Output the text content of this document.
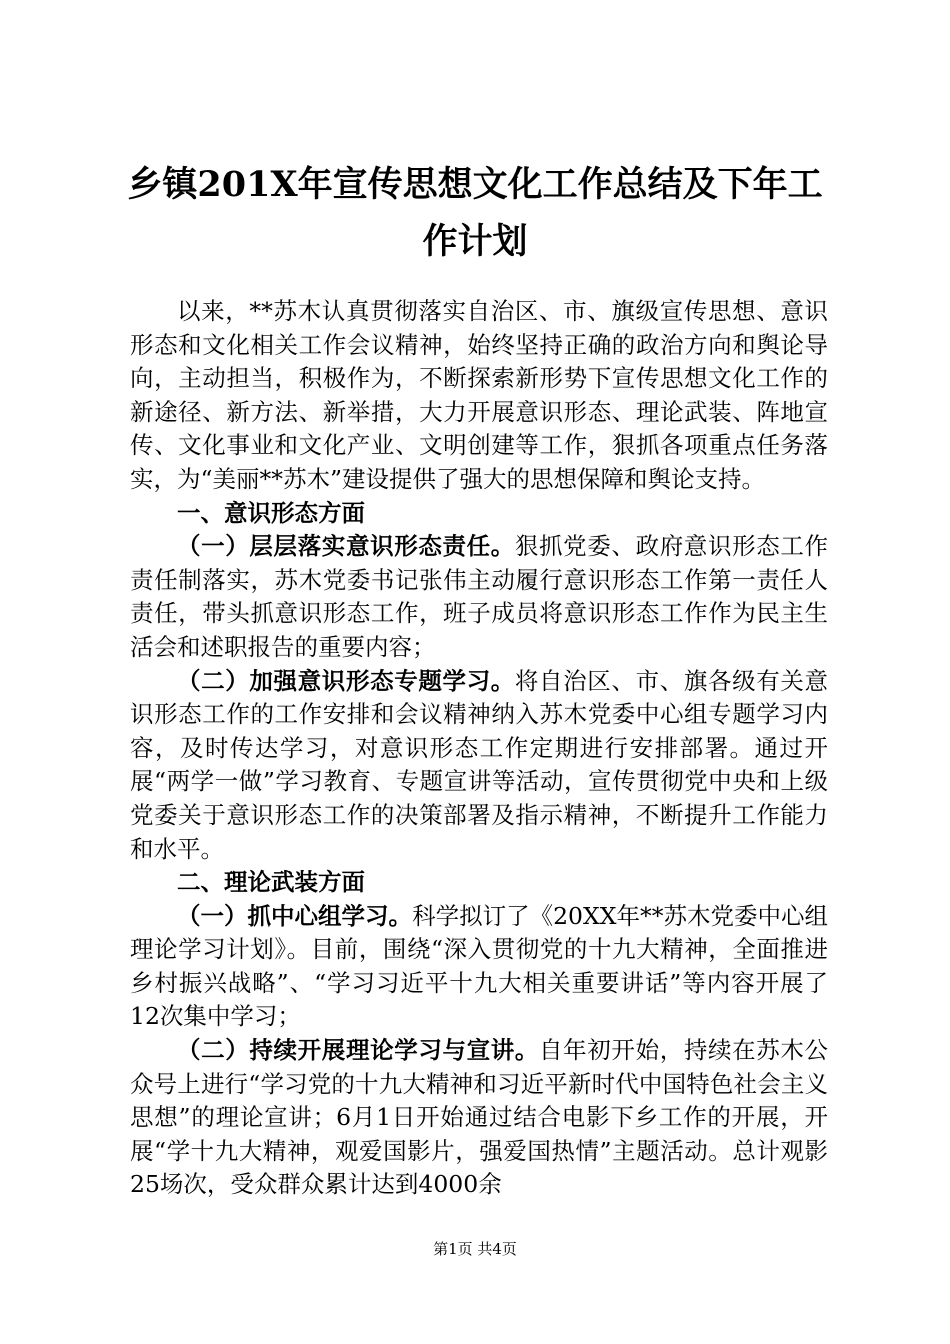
乡镇201X年宣传思想文化工作总结及下年工
作计划

以来，**苏木认真贯彻落实自治区、市、旗级宣传思想、意识形态和文化相关工作会议精神，始终坚持正确的政治方向和舆论导向，主动担当，积极作为，不断探索新形势下宣传思想文化工作的新途径、新方法、新举措，大力开展意识形态、理论武装、阵地宣传、文化事业和文化产业、文明创建等工作，狠抓各项重点任务落实，为“美丽**苏木”建设提供了强大的思想保障和舆论支持。

一、意识形态方面

（一）层层落实意识形态责任。狠抓党委、政府意识形态工作责任制落实，苏木党委书记张伟主动履行意识形态工作第一责任人责任，带头抓意识形态工作，班子成员将意识形态工作作为民主生活会和述职报告的重要内容；

（二）加强意识形态专题学习。将自治区、市、旗各级有关意识形态工作的工作安排和会议精神纳入苏木党委中心组专题学习内容，及时传达学习，对意识形态工作定期进行安排部署。通过开展“两学一做”学习教育、专题宣讲等活动，宣传贯彻党中央和上级党委关于意识形态工作的决策部署及指示精神，不断提升工作能力和水平。

二、理论武装方面

（一）抓中心组学习。科学拟订了《20XX年**苏木党委中心组理论学习计划》。目前，围绕“深入贯彻党的十九大精神，全面推进乡村振兴战略”、“学习习近平十九大相关重要讲话”等内容开展了12次集中学习；

（二）持续开展理论学习与宣讲。自年初开始，持续在苏木公众号上进行“学习党的十九大精神和习近平新时代中国特色社会主义思想”的理论宣讲；6月1日开始通过结合电影下乡工作的开展，开展“学十九大精神，观爱国影片，强爱国热情”主题活动。总计观影25场次，受众群众累计达到4000余

第1页 共4页
